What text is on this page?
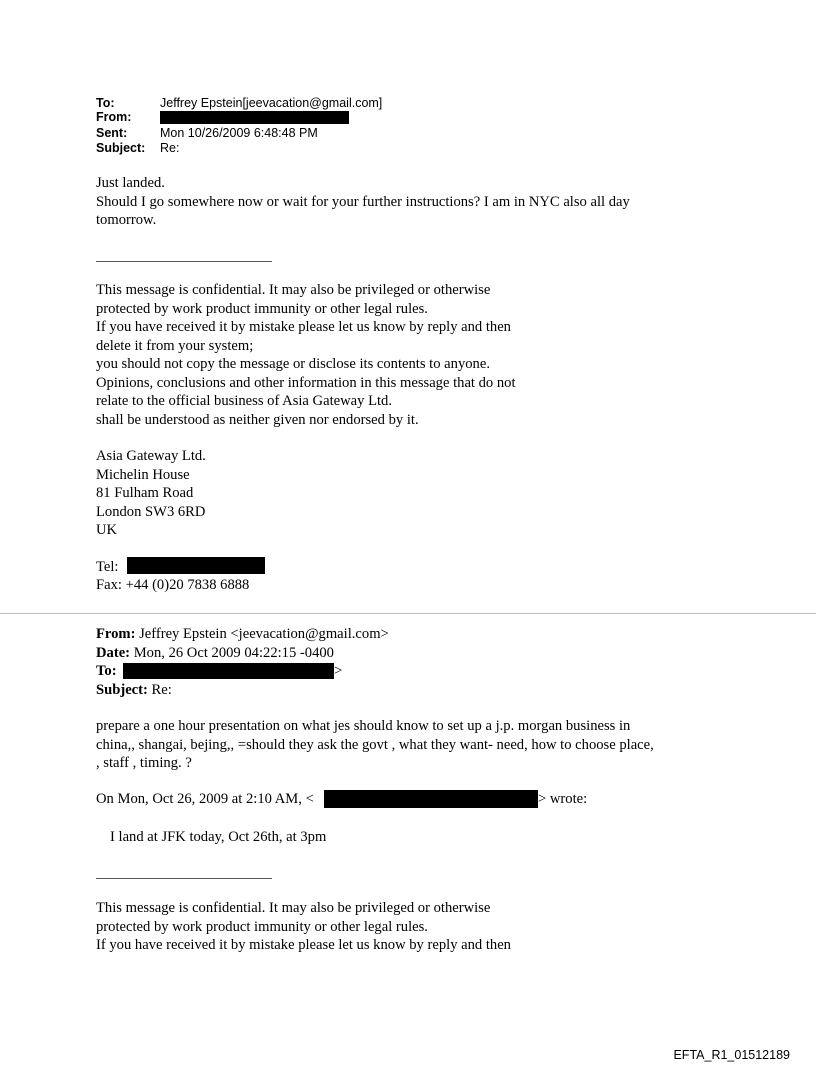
To:	Jeffrey Epstein[jeevacation@gmail.com]
From:
Sent:	Mon 10/26/2009 6:48:48 PM
Subject: Re:
Just landed.
Should I go somewhere now or wait for your further instructions? I am in NYC also all day
tomorrow.
This message is confidential. It may also be privileged or otherwise
protected by work product immunity or other legal rules.
If you have received it by mistake please let us know by reply and then
delete it from your system;
you should not copy the message or disclose its contents to anyone.
Opinions, conclusions and other information in this message that do not
relate to the official business of Asia Gateway Ltd.
shall be understood as neither given nor endorsed by it.
Asia Gateway Ltd.
Michelin House
81 Fulham Road
London SW3 6RD
UK
Tel:
Fax: +44 (0)20 7838 6888
From: Jeffrey Epstein <jeevacation@gmail.com>
Date: Mon, 26 Oct 2009 04:22:15 -0400
To:
Subject: Re:
>
prepare a one hour presentation on what jes should know to set up a j.p. morgan business in
china,, shangai, bejing,, =should they ask the govt , what they want- need, how to choose place,
, staff , timing. ?
On Mon, Oct 26, 2009 at 2:10 AM, <	> wrote:
I land at JFK today, Oct 26th, at 3pm
This message is confidential. It may also be privileged or otherwise
protected by work product immunity or other legal rules.
If you have received it by mistake please let us know by reply and then
EFTA_R1_01512189
